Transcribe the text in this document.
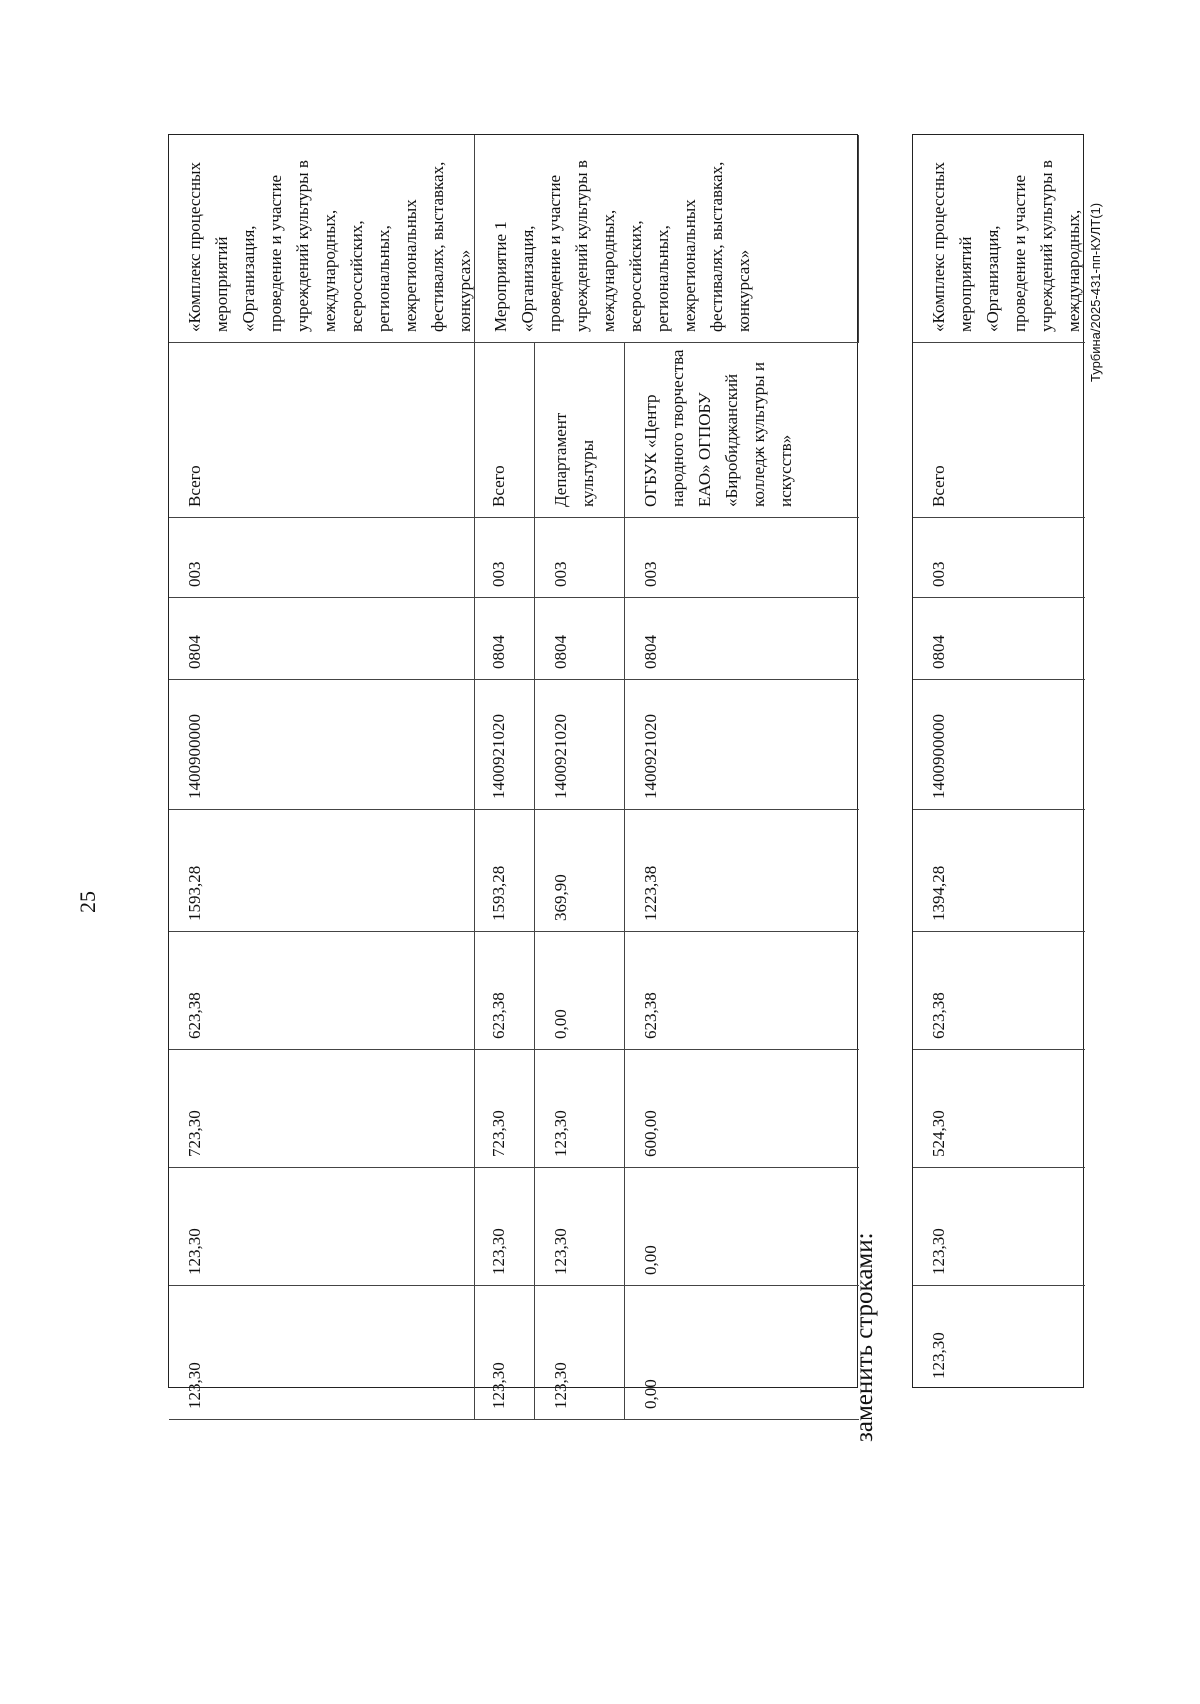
25
Турбина/2025-431-пп-КУЛТ(1)
заменить строками:
«Комплекс процессных мероприятий «Организация, проведение и участие учреждений культуры в международных, всероссийских, региональных, межрегиональных фестивалях, выставках, конкурсах»
Всего
003
0804
1400900000
1593,28
623,38
723,30
123,30
123,30
Мероприятие 1 «Организация, проведение и участие учреждений культуры в международных, всероссийских, региональных, межрегиональных фестивалях, выставках, конкурсах»
Всего
003
0804
1400921020
1593,28
623,38
723,30
123,30
123,30
Департамент культуры
003
0804
1400921020
369,90
0,00
123,30
123,30
123,30
ОГБУК «Центр народного творчества ЕАО» ОГПОБУ «Биробиджанский колледж культуры и искусств»
003
0804
1400921020
1223,38
623,38
600,00
0,00
0,00
«Комплекс процессных мероприятий «Организация, проведение и участие учреждений культуры в международных,
Всего
003
0804
1400900000
1394,28
623,38
524,30
123,30
123,30
